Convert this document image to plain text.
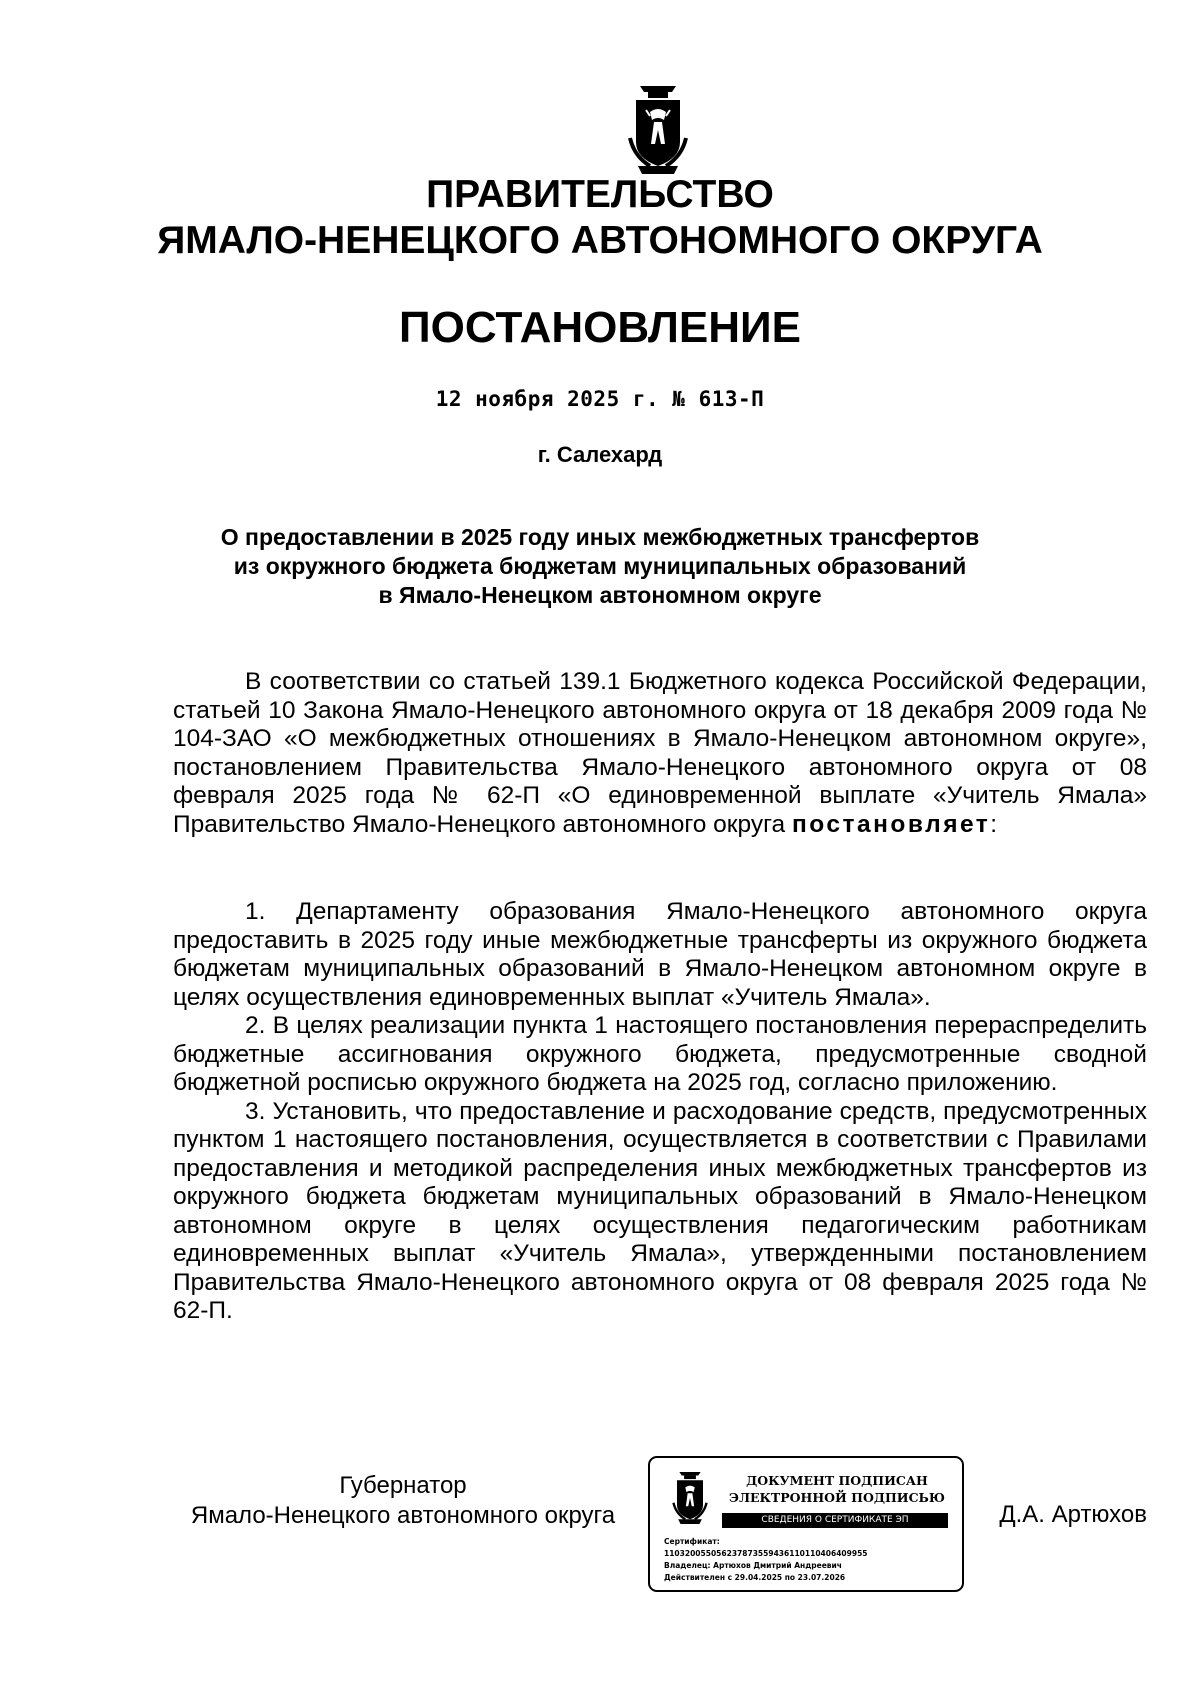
ПРАВИТЕЛЬСТВО
ЯМАЛО-НЕНЕЦКОГО АВТОНОМНОГО ОКРУГА
ПОСТАНОВЛЕНИЕ
12 ноября 2025 г. № 613-П
г. Салехард
О предоставлении в 2025 году иных межбюджетных трансфертов
из окружного бюджета бюджетам муниципальных образований
в Ямало-Ненецком автономном округе

В соответствии со статьей 139.1 Бюджетного кодекса Российской Федерации, статьей 10 Закона Ямало-Ненецкого автономного округа от 18 декабря 2009 года № 104-ЗАО «О межбюджетных отношениях в Ямало-Ненецком автономном округе», постановлением Правительства Ямало-Ненецкого автономного округа от 08 февраля 2025 года № 62-П «О единовременной выплате «Учитель Ямала» Правительство Ямало-Ненецкого автономного округа постановляет:

1. Департаменту образования Ямало-Ненецкого автономного округа предоставить в 2025 году иные межбюджетные трансферты из окружного бюджета бюджетам муниципальных образований в Ямало-Ненецком автономном округе в целях осуществления единовременных выплат «Учитель Ямала».

2. В целях реализации пункта 1 настоящего постановления перераспределить бюджетные ассигнования окружного бюджета, предусмотренные сводной бюджетной росписью окружного бюджета на 2025 год, согласно приложению.

3. Установить, что предоставление и расходование средств, предусмотренных пунктом 1 настоящего постановления, осуществляется в соответствии с Правилами предоставления и методикой распределения иных межбюджетных трансфертов из окружного бюджета бюджетам муниципальных образований в Ямало-Ненецком автономном округе в целях осуществления педагогическим работникам единовременных выплат «Учитель Ямала», утвержденными постановлением Правительства Ямало-Ненецкого автономного округа от 08 февраля 2025 года № 62-П.

Губернатор
Ямало-Ненецкого автономного округа
ДОКУМЕНТ ПОДПИСАН
ЭЛЕКТРОННОЙ ПОДПИСЬЮ
СВЕДЕНИЯ О СЕРТИФИКАТЕ ЭП
Сертификат:
110320055056237873559436110110406409955
Владелец: Артюхов Дмитрий Андреевич
Действителен с 29.04.2025 по 23.07.2026
Д.А. Артюхов
